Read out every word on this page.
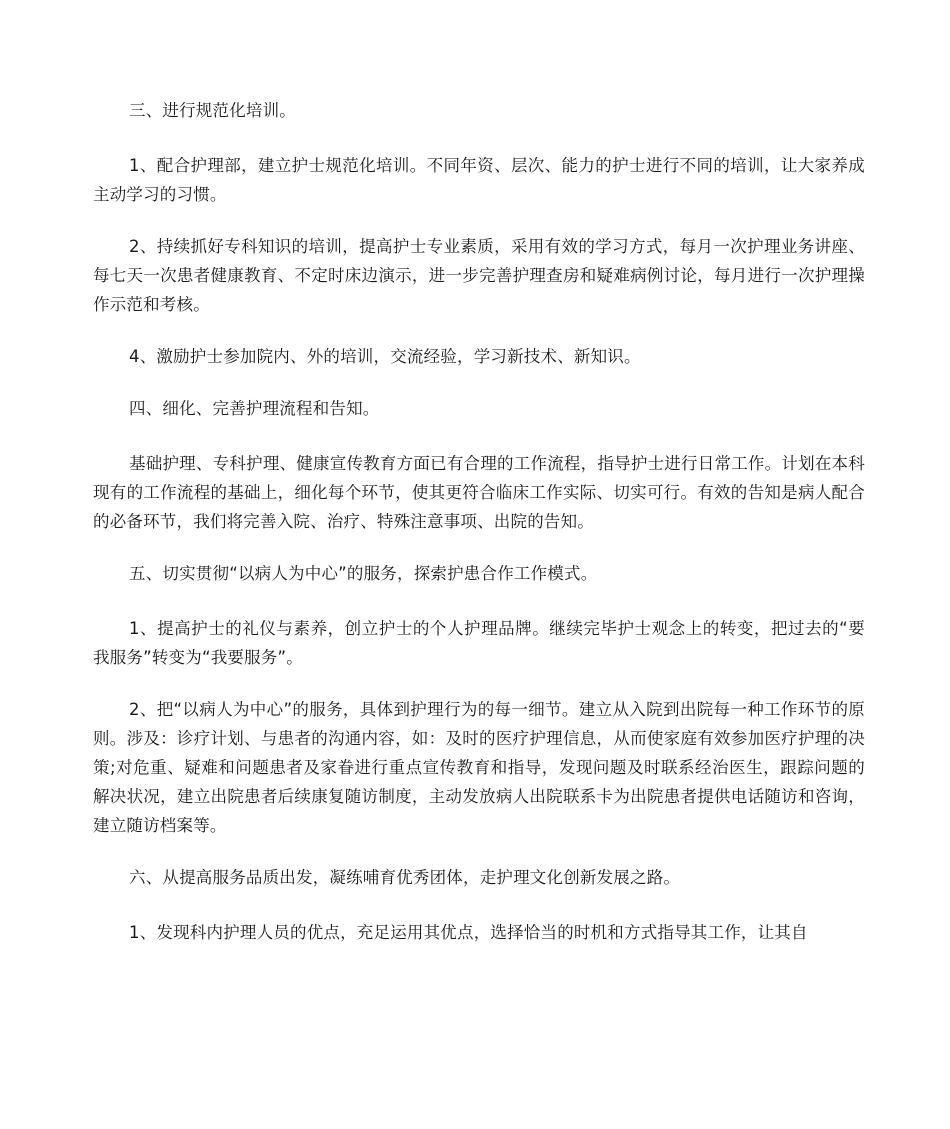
三、进行规范化培训。

1、配合护理部，建立护士规范化培训。不同年资、层次、能力的护士进行不同的培训，让大家养成主动学习的习惯。

2、持续抓好专科知识的培训，提高护士专业素质，采用有效的学习方式，每月一次护理业务讲座、每七天一次患者健康教育、不定时床边演示，进一步完善护理查房和疑难病例讨论，每月进行一次护理操作示范和考核。

4、激励护士参加院内、外的培训，交流经验，学习新技术、新知识。

四、细化、完善护理流程和告知。

基础护理、专科护理、健康宣传教育方面已有合理的工作流程，指导护士进行日常工作。计划在本科现有的工作流程的基础上，细化每个环节，使其更符合临床工作实际、切实可行。有效的告知是病人配合的必备环节，我们将完善入院、治疗、特殊注意事项、出院的告知。

五、切实贯彻“以病人为中心”的服务，探索护患合作工作模式。

1、提高护士的礼仪与素养，创立护士的个人护理品牌。继续完毕护士观念上的转变，把过去的“要我服务”转变为“我要服务”。

2、把“以病人为中心”的服务，具体到护理行为的每一细节。建立从入院到出院每一种工作环节的原则。涉及：诊疗计划、与患者的沟通内容，如：及时的医疗护理信息，从而使家庭有效参加医疗护理的决策;对危重、疑难和问题患者及家眷进行重点宣传教育和指导，发现问题及时联系经治医生，跟踪问题的解决状况，建立出院患者后续康复随访制度，主动发放病人出院联系卡为出院患者提供电话随访和咨询，建立随访档案等。

六、从提高服务品质出发，凝练哺育优秀团体，走护理文化创新发展之路。

1、发现科内护理人员的优点，充足运用其优点，选择恰当的时机和方式指导其工作，让其自
